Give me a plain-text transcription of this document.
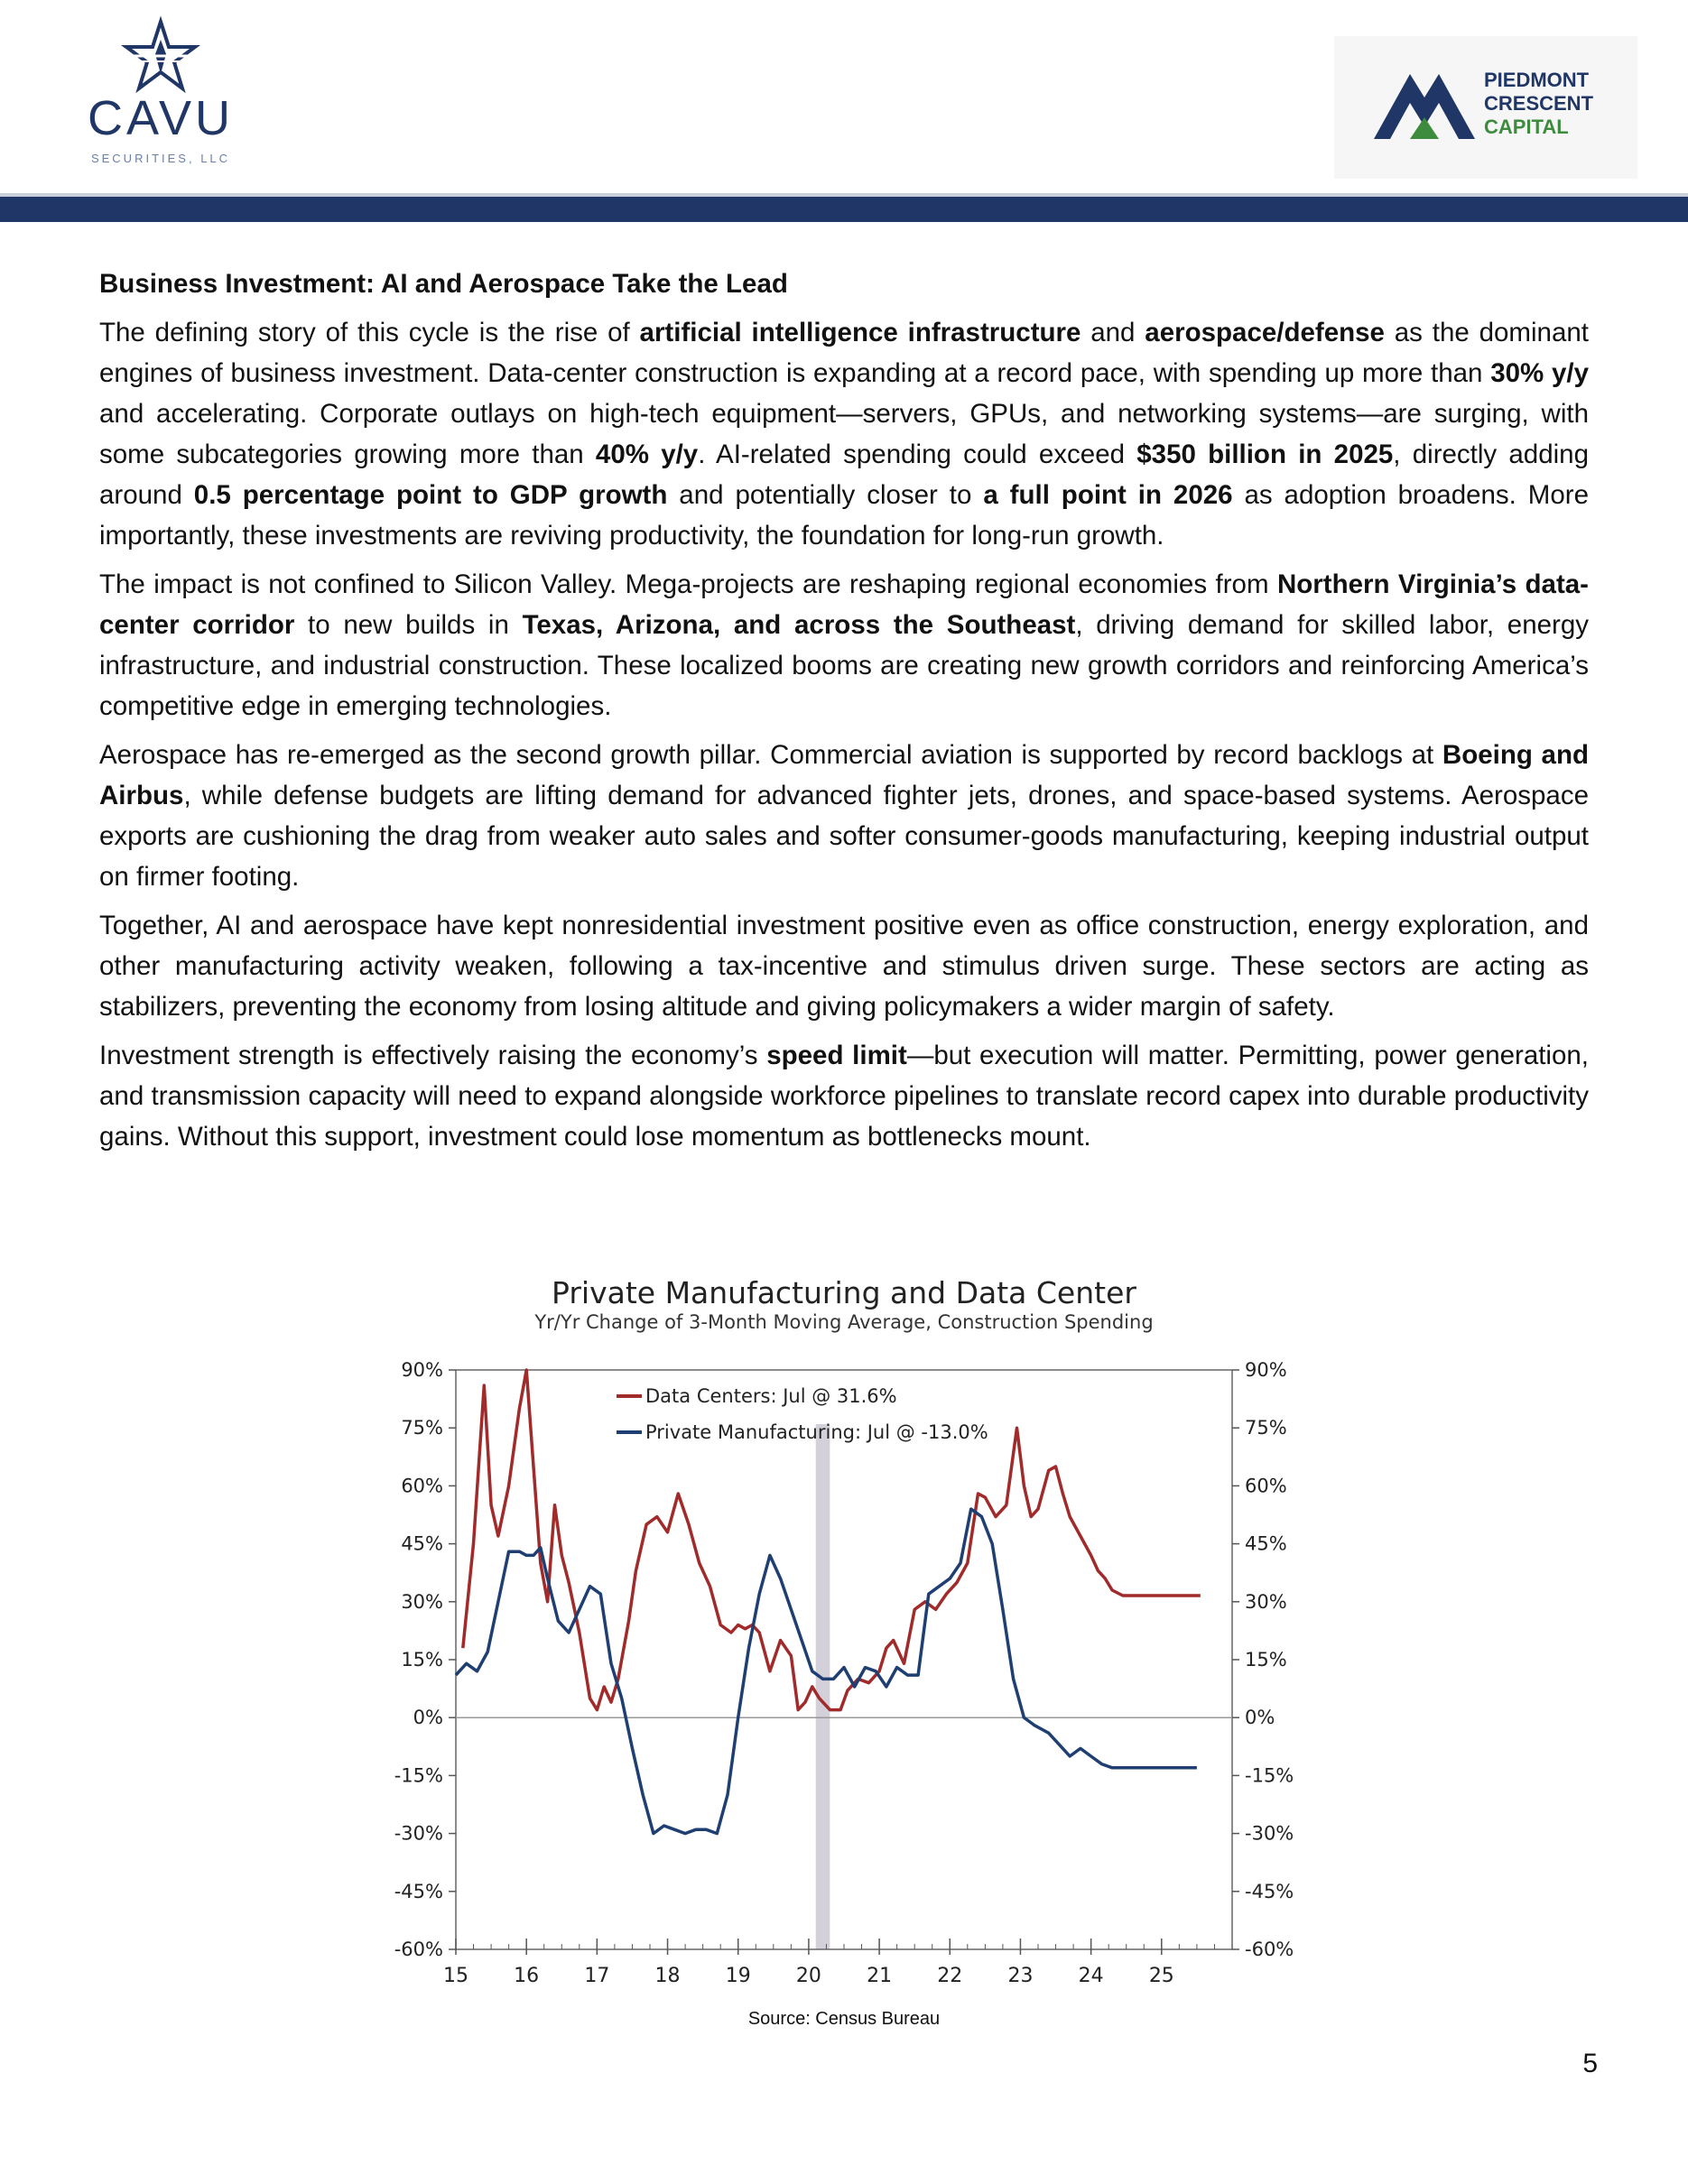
CAVU
SECURITIES, LLC
PIEDMONT
CRESCENT
CAPITAL

Business Investment: AI and Aerospace Take the Lead

The defining story of this cycle is the rise of artificial intelligence infrastructure and aerospace/defense as the dominant engines of business investment. Data-center construction is expanding at a record pace, with spending up more than 30% y/y and accelerating. Corporate outlays on high-tech equipment—servers, GPUs, and networking systems—are surging, with some subcategories growing more than 40% y/y. AI-related spending could exceed $350 billion in 2025, directly adding around 0.5 percentage point to GDP growth and potentially closer to a full point in 2026 as adoption broadens. More importantly, these investments are reviving productivity, the foundation for long-run growth.

The impact is not confined to Silicon Valley. Mega-projects are reshaping regional economies from Northern Virginia’s data-center corridor to new builds in Texas, Arizona, and across the Southeast, driving demand for skilled labor, energy infrastructure, and industrial construction. These localized booms are creating new growth corridors and reinforcing America’s competitive edge in emerging technologies.

Aerospace has re-emerged as the second growth pillar. Commercial aviation is supported by record backlogs at Boeing and Airbus, while defense budgets are lifting demand for advanced fighter jets, drones, and space-based systems. Aerospace exports are cushioning the drag from weaker auto sales and softer consumer-goods manufacturing, keeping industrial output on firmer footing.

Together, AI and aerospace have kept nonresidential investment positive even as office construction, energy exploration, and other manufacturing activity weaken, following a tax-incentive and stimulus driven surge. These sectors are acting as stabilizers, preventing the economy from losing altitude and giving policymakers a wider margin of safety.

Investment strength is effectively raising the economy’s speed limit—but execution will matter. Permitting, power generation, and transmission capacity will need to expand alongside workforce pipelines to translate record capex into durable productivity gains. Without this support, investment could lose momentum as bottlenecks mount.

Private Manufacturing and Data Center
Yr/Yr Change of 3-Month Moving Average, Construction Spending
90%	90%
75%	75%
60%	60%
45%	45%
30%	30%
15%	15%
0%	0%
-15%	-15%
-30%	-30%
-45%	-45%
-60%	-60%
15 16 17 18 19 20 21 22 23 24 25
Data Centers: Jul @ 31.6%
Private Manufacturing: Jul @ -13.0%
Source: Census Bureau
5
